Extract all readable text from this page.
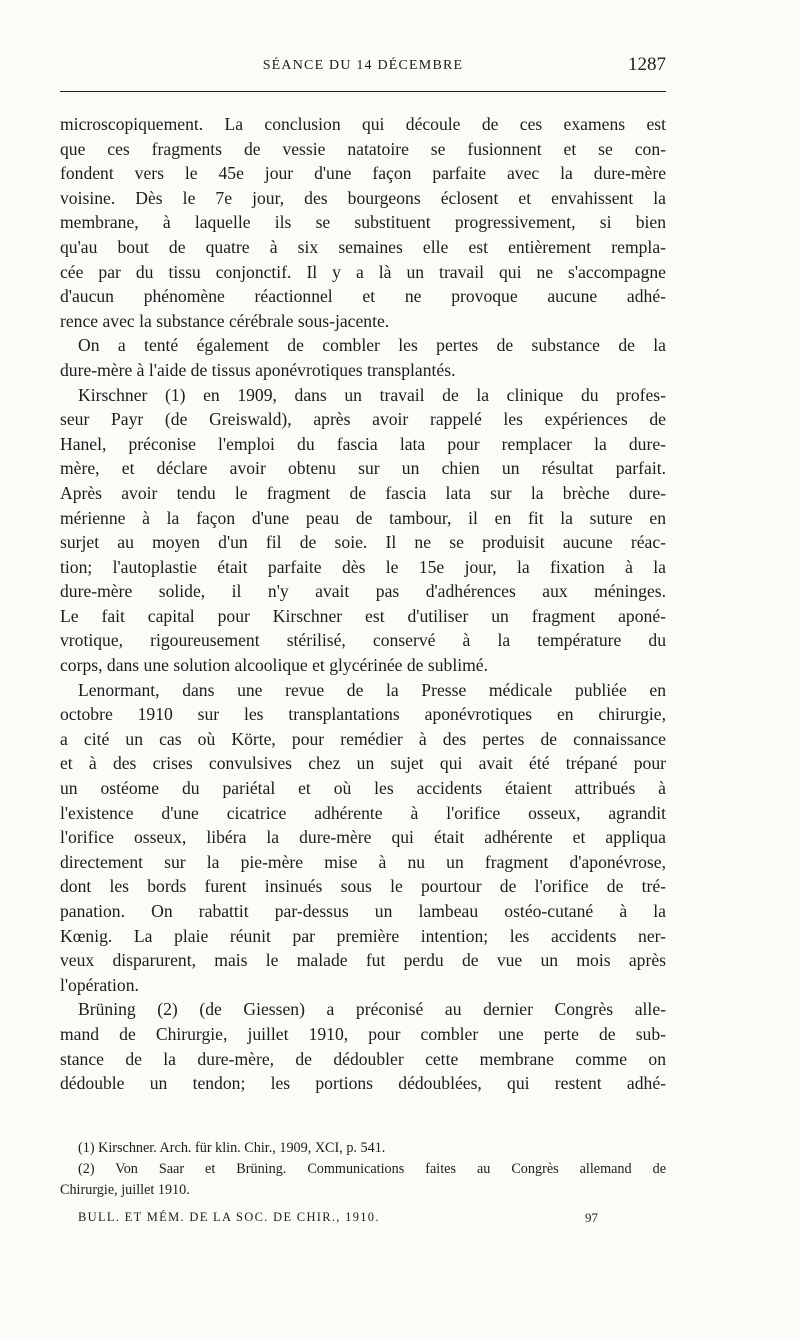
SÉANCE DU 14 DÉCEMBRE	1287

microscopiquement. La conclusion qui découle de ces examens est
que ces fragments de vessie natatoire se fusionnent et se con-
fondent vers le 45e jour d'une façon parfaite avec la dure-mère
voisine. Dès le 7e jour, des bourgeons éclosent et envahissent la
membrane, à laquelle ils se substituent progressivement, si bien
qu'au bout de quatre à six semaines elle est entièrement rempla-
cée par du tissu conjonctif. Il y a là un travail qui ne s'accompagne
d'aucun phénomène réactionnel et ne provoque aucune adhé-
rence avec la substance cérébrale sous-jacente.

On a tenté également de combler les pertes de substance de la
dure-mère à l'aide de tissus aponévrotiques transplantés.

Kirschner (1) en 1909, dans un travail de la clinique du profes-
seur Payr (de Greiswald), après avoir rappelé les expériences de
Hanel, préconise l'emploi du fascia lata pour remplacer la dure-
mère, et déclare avoir obtenu sur un chien un résultat parfait.
Après avoir tendu le fragment de fascia lata sur la brèche dure-
mérienne à la façon d'une peau de tambour, il en fit la suture en
surjet au moyen d'un fil de soie. Il ne se produisit aucune réac-
tion; l'autoplastie était parfaite dès le 15e jour, la fixation à la
dure-mère solide, il n'y avait pas d'adhérences aux méninges.
Le fait capital pour Kirschner est d'utiliser un fragment aponé-
vrotique, rigoureusement stérilisé, conservé à la température du
corps, dans une solution alcoolique et glycérinée de sublimé.

Lenormant, dans une revue de la Presse médicale publiée en
octobre 1910 sur les transplantations aponévrotiques en chirurgie,
a cité un cas où Körte, pour remédier à des pertes de connaissance
et à des crises convulsives chez un sujet qui avait été trépané pour
un ostéome du pariétal et où les accidents étaient attribués à
l'existence d'une cicatrice adhérente à l'orifice osseux, agrandit
l'orifice osseux, libéra la dure-mère qui était adhérente et appliqua
directement sur la pie-mère mise à nu un fragment d'aponévrose,
dont les bords furent insinués sous le pourtour de l'orifice de tré-
panation. On rabattit par-dessus un lambeau ostéo-cutané à la
Kœnig. La plaie réunit par première intention; les accidents ner-
veux disparurent, mais le malade fut perdu de vue un mois après
l'opération.

Brüning (2) (de Giessen) a préconisé au dernier Congrès alle-
mand de Chirurgie, juillet 1910, pour combler une perte de sub-
stance de la dure-mère, de dédoubler cette membrane comme on
dédouble un tendon; les portions dédoublées, qui restent adhé-

(1) Kirschner. Arch. für klin. Chir., 1909, XCI, p. 541.
(2) Von Saar et Brüning. Communications faites au Congrès allemand de
Chirurgie, juillet 1910.
BULL. ET MÉM. DE LA SOC. DE CHIR., 1910.	97
